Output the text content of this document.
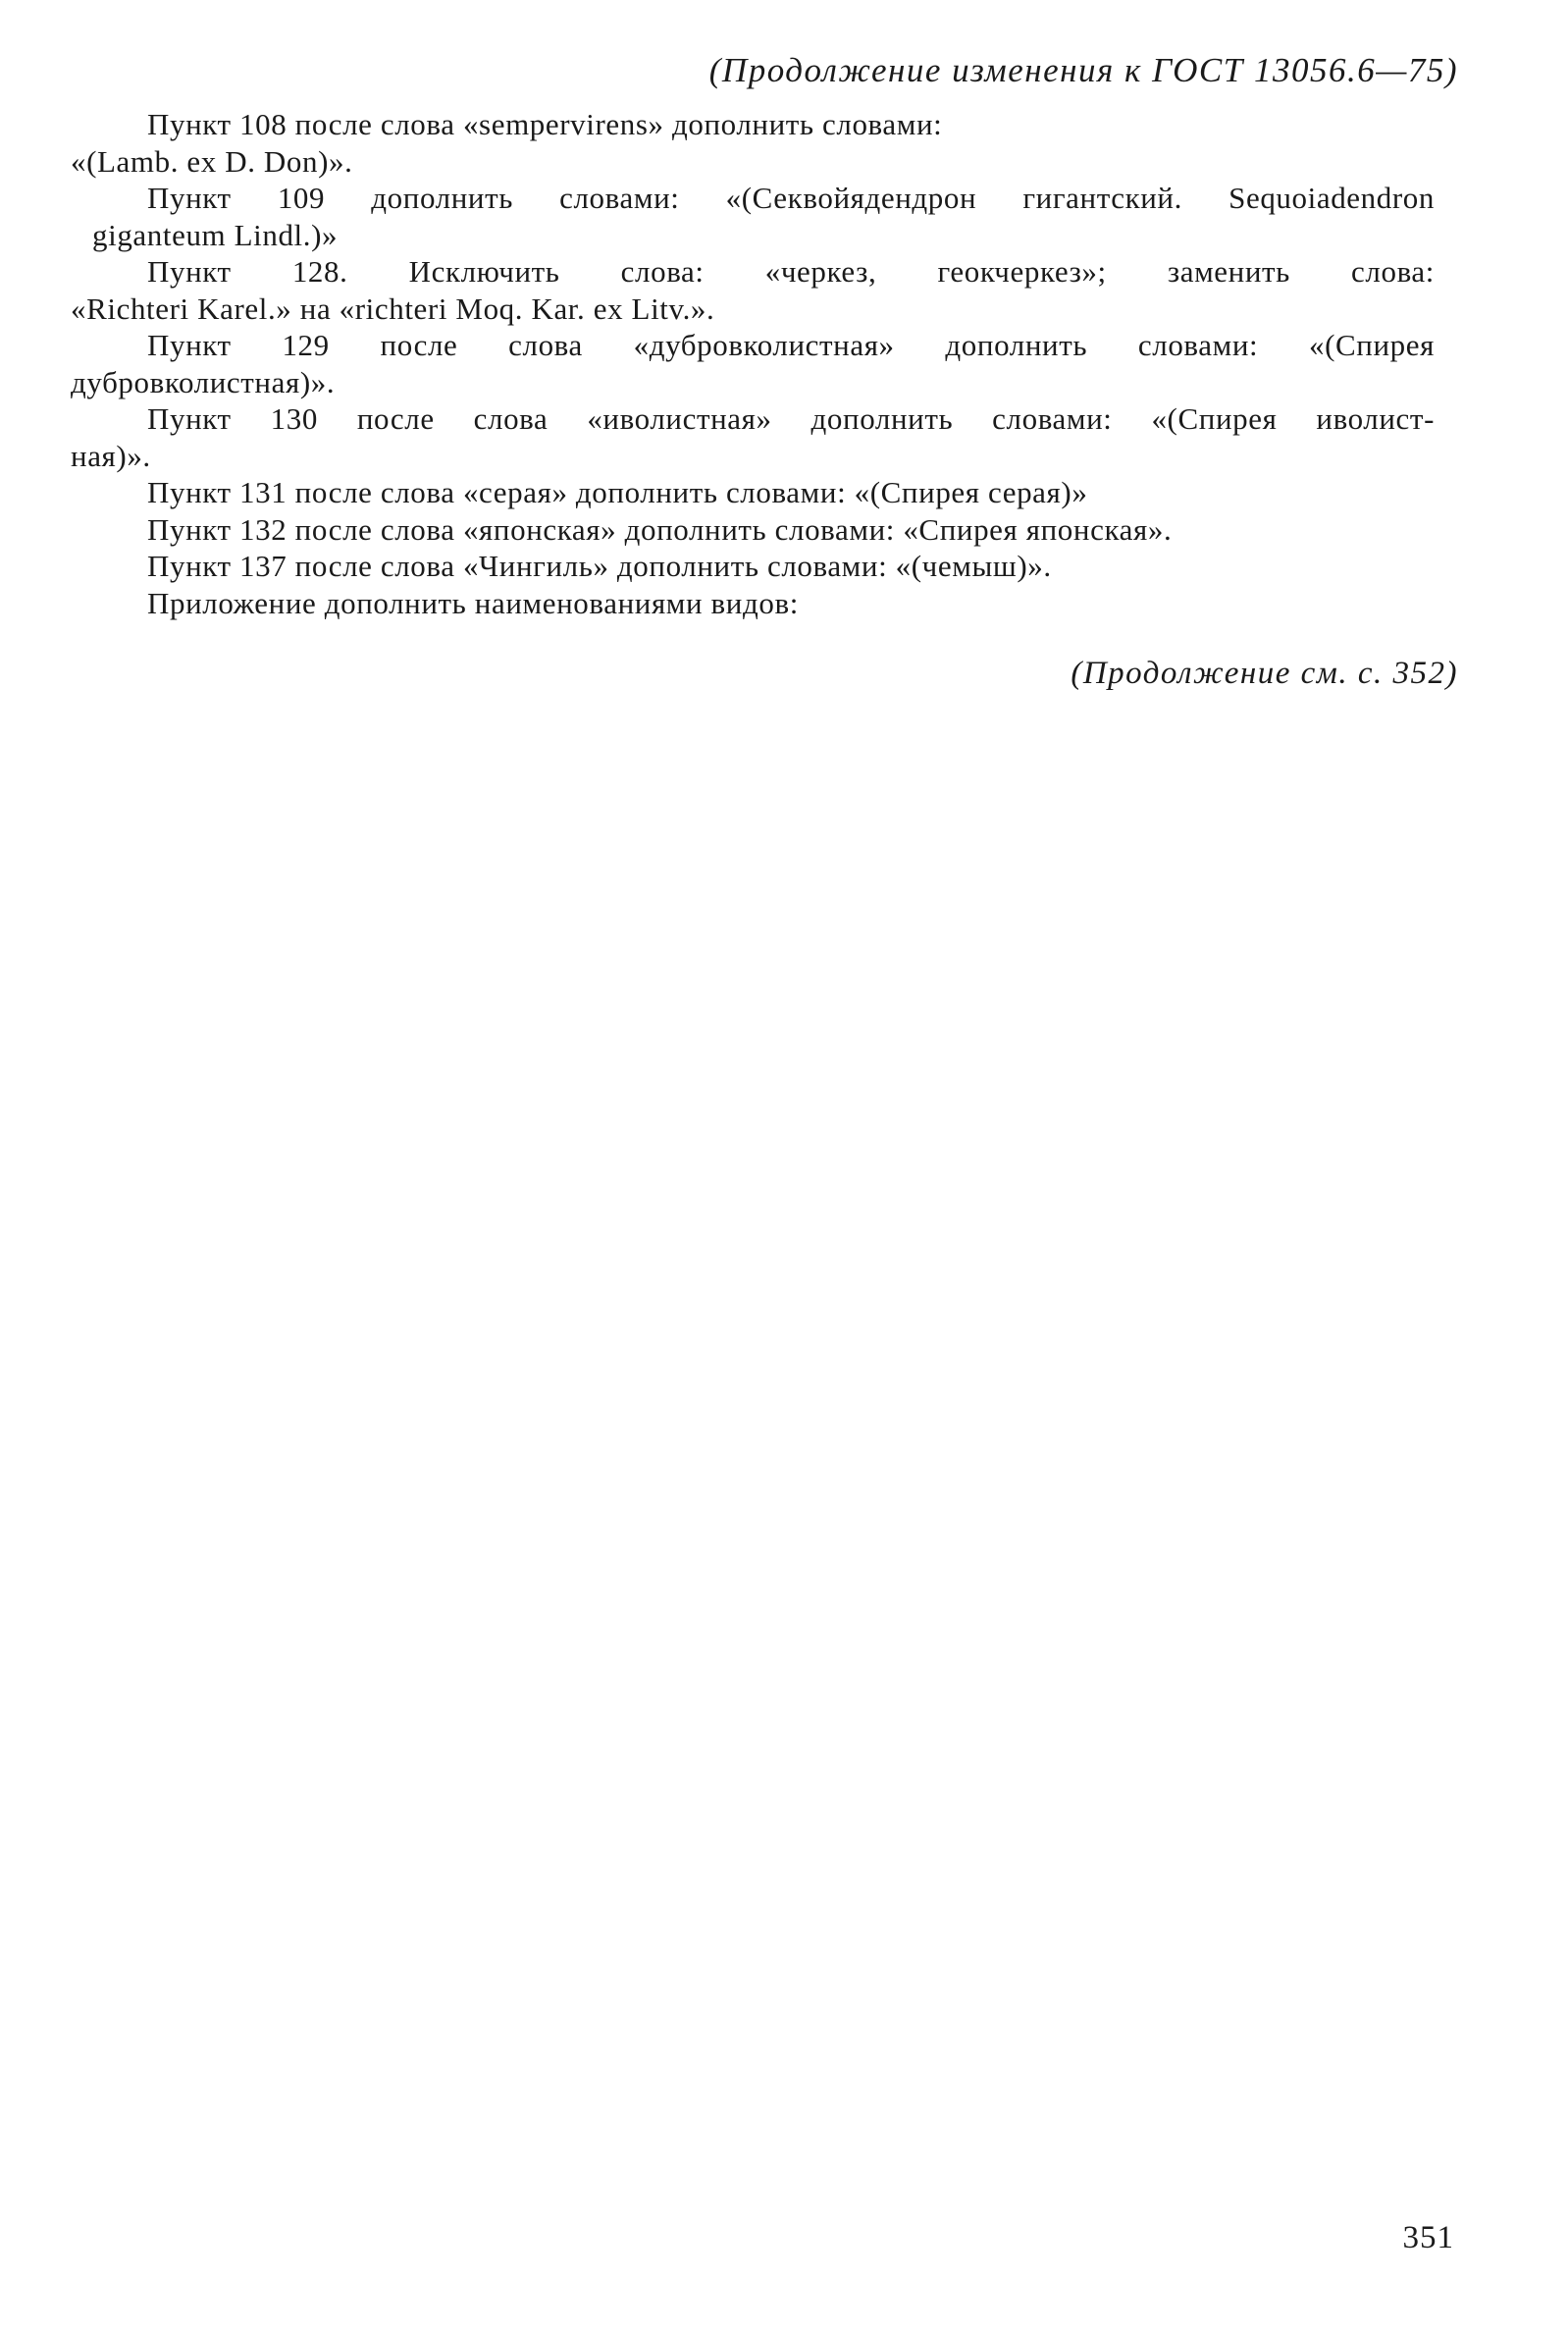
(Продолжение изменения к ГОСТ 13056.6—75)
Пункт 108 после слова «sempervirens» дополнить словами:
«(Lamb. ex D. Don)».
Пункт 109 дополнить словами: «(Секвойядендрон гигантский. Sequoiadendron
giganteum Lindl.)»
Пункт 128. Исключить слова: «черкез, геокчеркез»; заменить слова:
«Richteri Karel.» на «richteri Moq. Kar. ex Litv.».
Пункт 129 после слова «дубровколистная» дополнить словами: «(Спирея
дубровколистная)».
Пункт 130 после слова «иволистная» дополнить словами: «(Спирея иволист-
ная)».
Пункт 131 после слова «серая» дополнить словами: «(Спирея серая)»
Пункт 132 после слова «японская» дополнить словами: «Спирея японская».
Пункт 137 после слова «Чингиль» дополнить словами: «(чемыш)».
Приложение дополнить наименованиями видов:
(Продолжение см. с. 352)
351
